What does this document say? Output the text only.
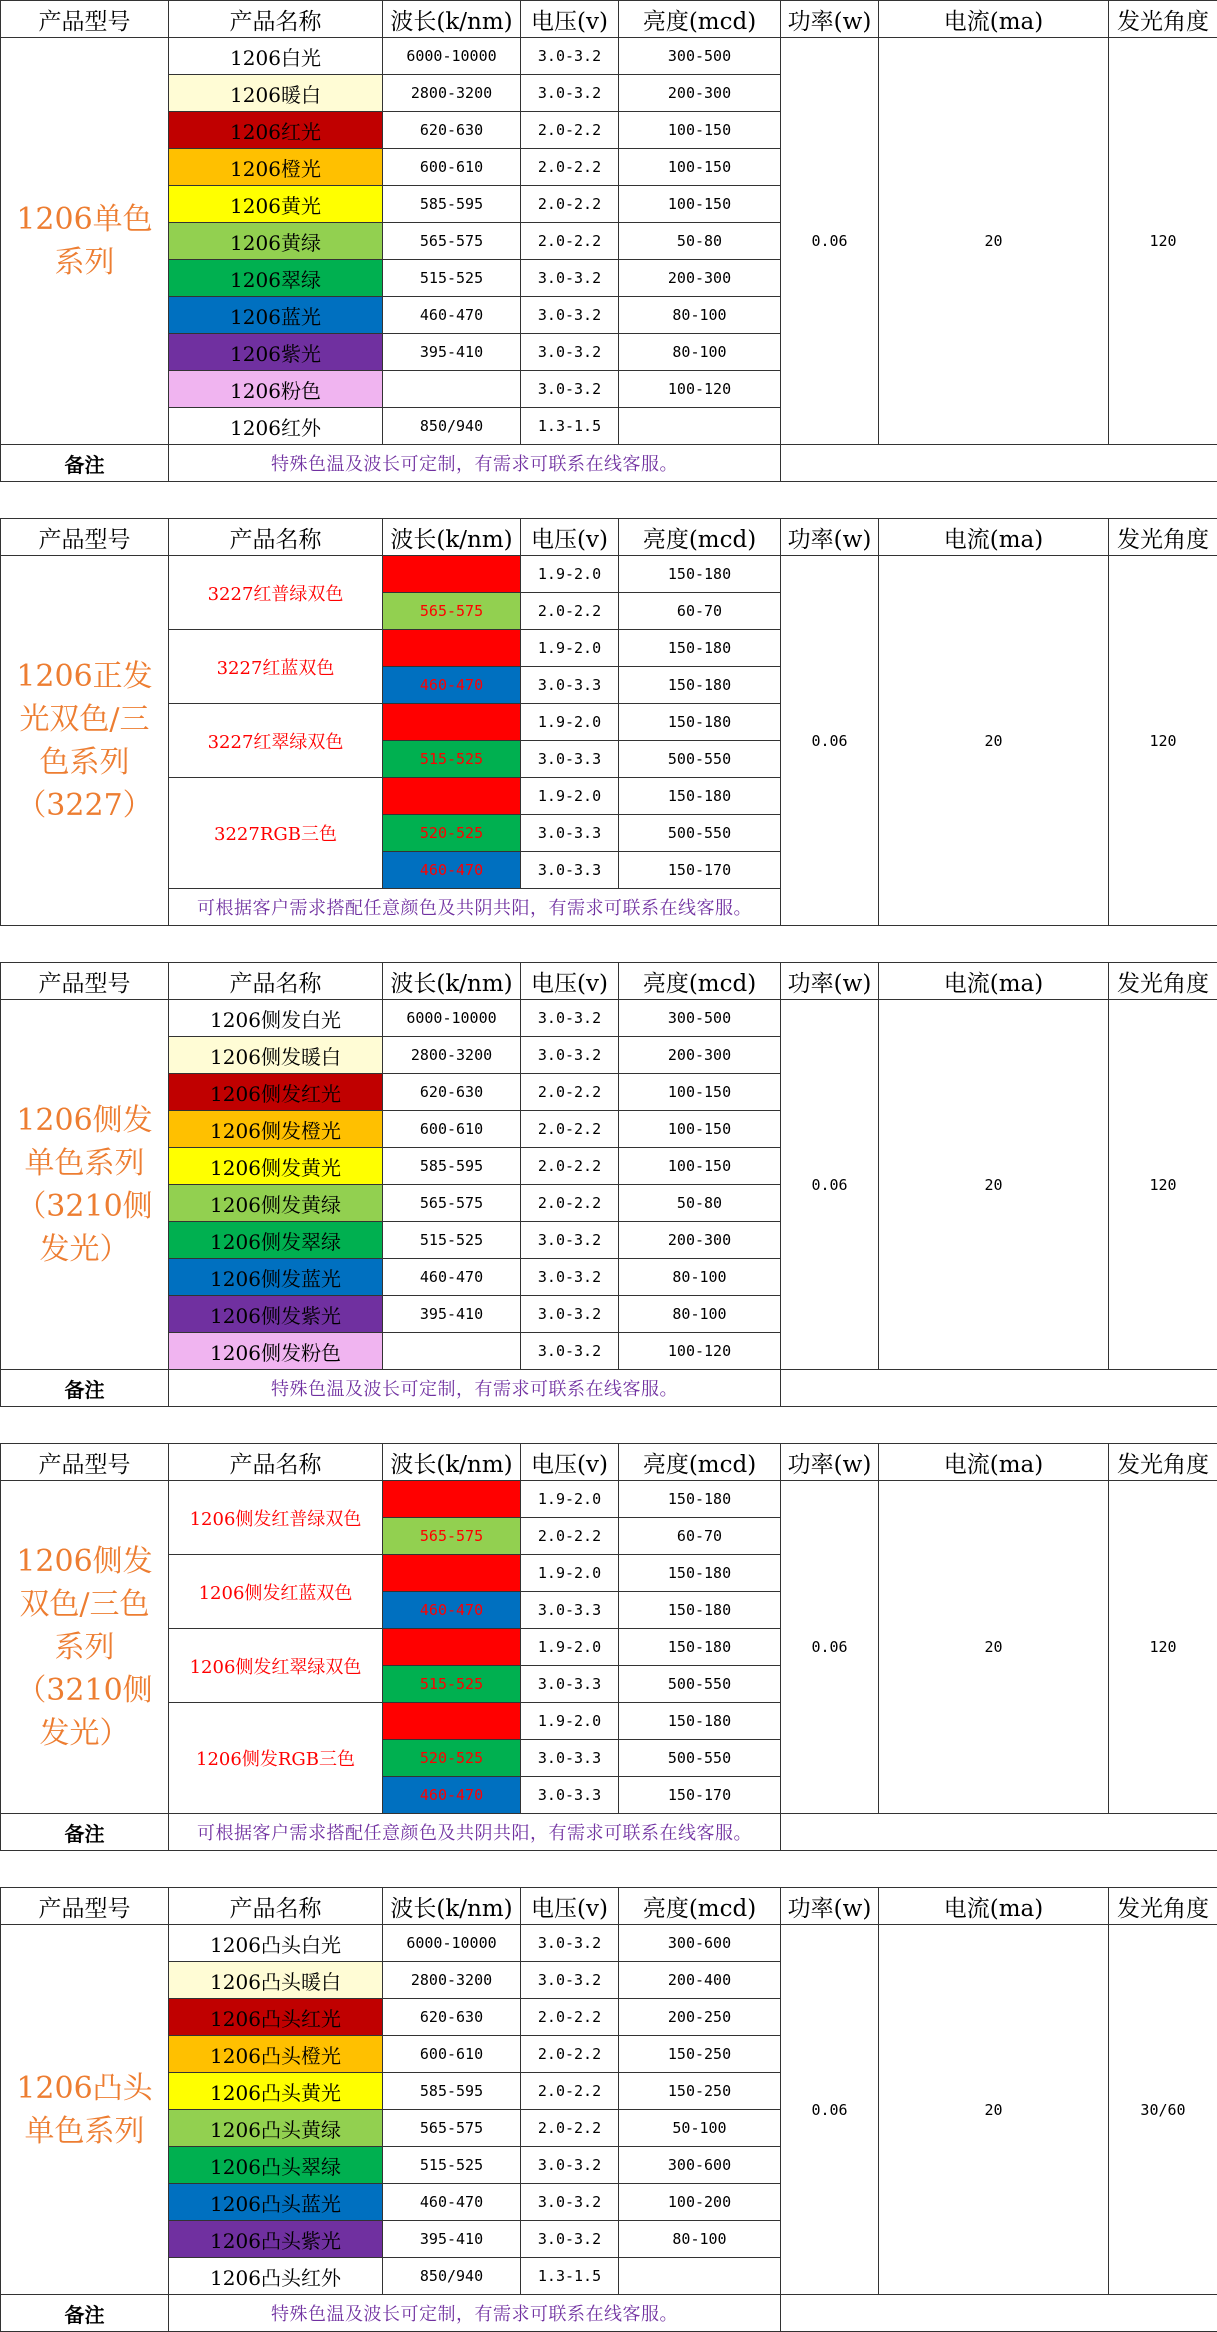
产品型号	产品名称	波长(k/nm)	电压(v)	亮度(mcd)	功率(w)	电流(ma)	发光角度
1206单色
系列	1206白光	6000-10000	3.0-3.2	300-500	0.06	20	120
	1206暖白	2800-3200	3.0-3.2	200-300			
	1206红光	620-630	2.0-2.2	100-150			
	1206橙光	600-610	2.0-2.2	100-150			
	1206黄光	585-595	2.0-2.2	100-150			
	1206黄绿	565-575	2.0-2.2	50-80			
	1206翠绿	515-525	3.0-3.2	200-300			
	1206蓝光	460-470	3.0-3.2	80-100			
	1206紫光	395-410	3.0-3.2	80-100			
	1206粉色		3.0-3.2	100-120			
	1206红外	850/940	1.3-1.5				
备注	特殊色温及波长可定制，有需求可联系在线客服。						
产品型号	产品名称	波长(k/nm)	电压(v)	亮度(mcd)	功率(w)	电流(ma)	发光角度
1206正发
光双色/三
色系列
（3227）	3227红普绿双色	620-630	1.9-2.0	150-180	0.06	20	120
		565-575	2.0-2.2	60-70			
	3227红蓝双色	620-630	1.9-2.0	150-180			
		460-470	3.0-3.3	150-180			
	3227红翠绿双色	620-630	1.9-2.0	150-180			
		515-525	3.0-3.3	500-550			
	3227RGB三色	620-625	1.9-2.0	150-180			
		520-525	3.0-3.3	500-550			
		460-470	3.0-3.3	150-170			
	可根据客户需求搭配任意颜色及共阴共阳，有需求可联系在线客服。						
产品型号	产品名称	波长(k/nm)	电压(v)	亮度(mcd)	功率(w)	电流(ma)	发光角度
1206侧发
单色系列
（3210侧
发光）	1206侧发白光	6000-10000	3.0-3.2	300-500	0.06	20	120
	1206侧发暖白	2800-3200	3.0-3.2	200-300			
	1206侧发红光	620-630	2.0-2.2	100-150			
	1206侧发橙光	600-610	2.0-2.2	100-150			
	1206侧发黄光	585-595	2.0-2.2	100-150			
	1206侧发黄绿	565-575	2.0-2.2	50-80			
	1206侧发翠绿	515-525	3.0-3.2	200-300			
	1206侧发蓝光	460-470	3.0-3.2	80-100			
	1206侧发紫光	395-410	3.0-3.2	80-100			
	1206侧发粉色		3.0-3.2	100-120			
备注	特殊色温及波长可定制，有需求可联系在线客服。						
产品型号	产品名称	波长(k/nm)	电压(v)	亮度(mcd)	功率(w)	电流(ma)	发光角度
1206侧发
双色/三色
系列
（3210侧
发光）	1206侧发红普绿双色	620-630	1.9-2.0	150-180	0.06	20	120
		565-575	2.0-2.2	60-70			
	1206侧发红蓝双色	620-630	1.9-2.0	150-180			
		460-470	3.0-3.3	150-180			
	1206侧发红翠绿双色	620-630	1.9-2.0	150-180			
		515-525	3.0-3.3	500-550			
	1206侧发RGB三色	620-625	1.9-2.0	150-180			
		520-525	3.0-3.3	500-550			
		460-470	3.0-3.3	150-170			
备注	可根据客户需求搭配任意颜色及共阴共阳，有需求可联系在线客服。						
产品型号	产品名称	波长(k/nm)	电压(v)	亮度(mcd)	功率(w)	电流(ma)	发光角度
1206凸头
单色系列	1206凸头白光	6000-10000	3.0-3.2	300-600	0.06	20	30/60
	1206凸头暖白	2800-3200	3.0-3.2	200-400			
	1206凸头红光	620-630	2.0-2.2	200-250			
	1206凸头橙光	600-610	2.0-2.2	150-250			
	1206凸头黄光	585-595	2.0-2.2	150-250			
	1206凸头黄绿	565-575	2.0-2.2	50-100			
	1206凸头翠绿	515-525	3.0-3.2	300-600			
	1206凸头蓝光	460-470	3.0-3.2	100-200			
	1206凸头紫光	395-410	3.0-3.2	80-100			
	1206凸头红外	850/940	1.3-1.5				
备注	特殊色温及波长可定制，有需求可联系在线客服。						
